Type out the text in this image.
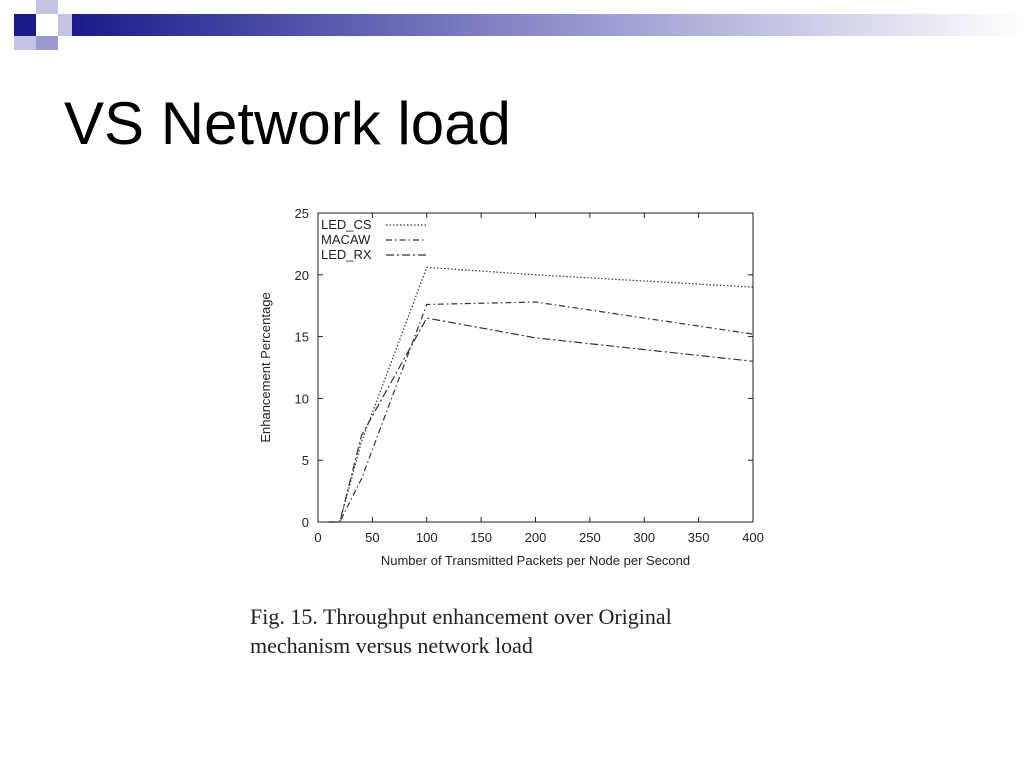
VS Network load
0	50	100	150	200	250	300	350	400
0
5
10
15
20
25
Number of Transmitted Packets per Node per Second
Enhancement Percentage
LED_CS
MACAW
LED_RX
Fig. 15. Throughput enhancement over Original
mechanism versus network load
